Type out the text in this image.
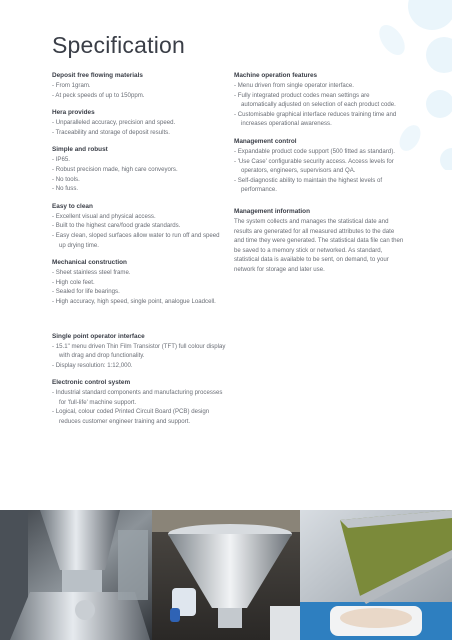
Specification
Deposit free flowing materials
- From 1gram.
- At peck speeds of up to 150ppm.
Hera provides
- Unparalleled accuracy, precision and speed.
- Traceability and storage of deposit results.
Simple and robust
- IP65.
- Robust precision made, high care conveyors.
- No tools.
- No fuss.
Easy to clean
- Excellent visual and physical access.
- Built to the highest care/food grade standards.
- Easy clean, sloped surfaces allow water to run off and speed up drying time.
Mechanical construction
- Sheet stainless steel frame.
- High cole feet.
- Sealed for life bearings.
- High accuracy, high speed, single point, analogue Loadcell.
Single point operator interface
- 15.1" menu driven Thin Film Transistor (TFT) full colour display with drag and drop functionality.
- Display resolution: 1:12,000.
Electronic control system
- Industrial standard components and manufacturing processes for 'full-life' machine support.
- Logical, colour coded Printed Circuit Board (PCB) design reduces customer engineer training and support.
Machine operation features
- Menu driven from single operator interface.
- Fully integrated product codes mean settings are automatically adjusted on selection of each product code.
- Customisable graphical interface reduces training time and increases operational awareness.
Management control
- Expandable product code support (500 fitted as standard).
- 'Use Case' configurable security access. Access levels for operators, engineers, supervisors and QA.
- Self-diagnostic ability to maintain the highest levels of performance.
Management information

The system collects and manages the statistical date and results are generated for all measured attributes to the date and time they were generated. The statistical data file can then be saved to a memory stick or networked. As standard, statistical data is available to be sent, on demand, to your network for storage and later use.
